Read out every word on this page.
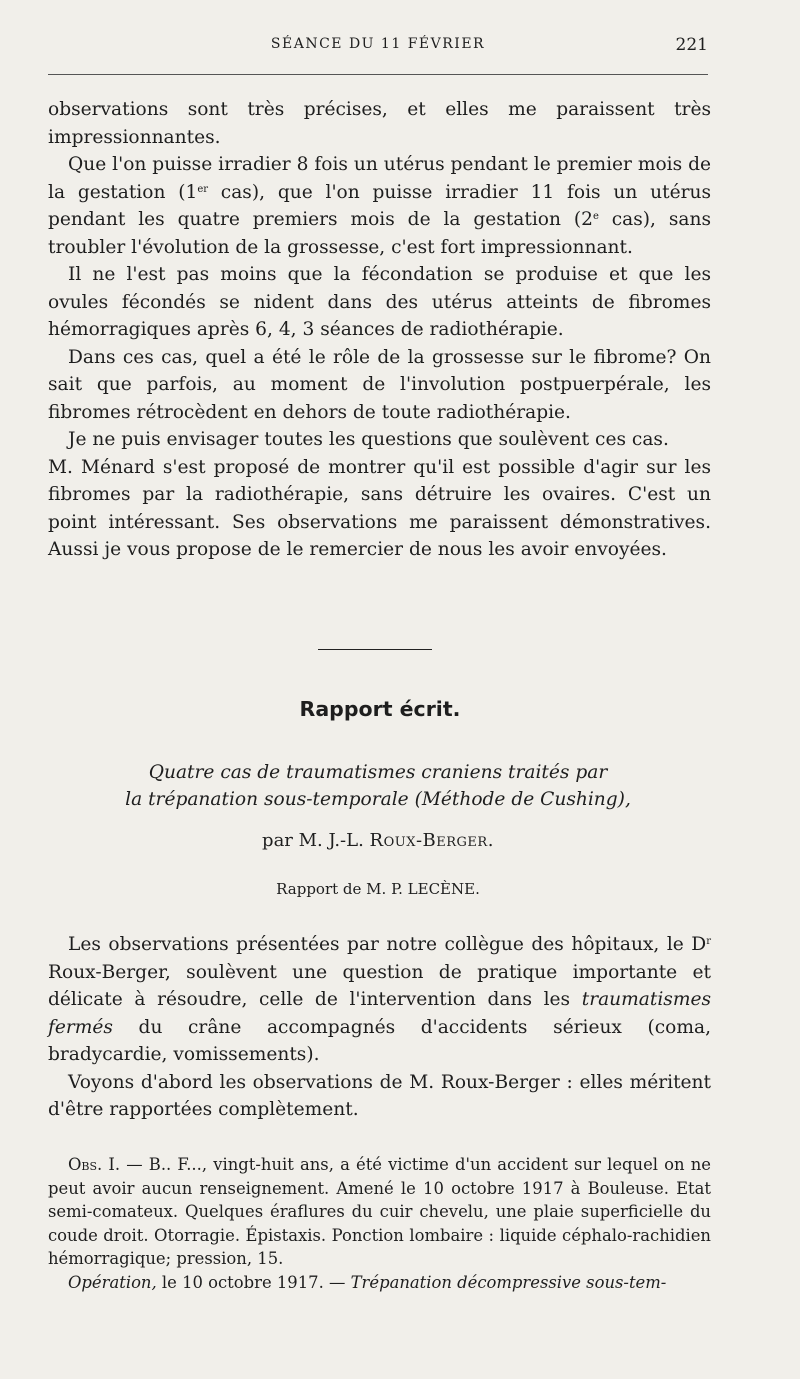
SÉANCE DU 11 FÉVRIER	221

observations sont très précises, et elles me paraissent très impressionnantes.

Que l'on puisse irradier 8 fois un utérus pendant le premier mois de la gestation (1er cas), que l'on puisse irradier 11 fois un utérus pendant les quatre premiers mois de la gestation (2e cas), sans troubler l'évolution de la grossesse, c'est fort impressionnant.

Il ne l'est pas moins que la fécondation se produise et que les ovules fécondés se nident dans des utérus atteints de fibromes hémorragiques après 6, 4, 3 séances de radiothérapie.

Dans ces cas, quel a été le rôle de la grossesse sur le fibrome? On sait que parfois, au moment de l'involution postpuerpérale, les fibromes rétrocèdent en dehors de toute radiothérapie.

Je ne puis envisager toutes les questions que soulèvent ces cas.

M. Ménard s'est proposé de montrer qu'il est possible d'agir sur les fibromes par la radiothérapie, sans détruire les ovaires. C'est un point intéressant. Ses observations me paraissent démonstratives. Aussi je vous propose de le remercier de nous les avoir envoyées.

Rapport écrit.
Quatre cas de traumatismes craniens traités par
la trépanation sous-temporale (Méthode de Cushing),
par M. J.-L. Roux-Berger.
Rapport de M. P. LECÈNE.

Les observations présentées par notre collègue des hôpitaux, le $D^r$ Roux-Berger, soulèvent une question de pratique importante et délicate à résoudre, celle de l'intervention dans les traumatismes fermés du crâne accompagnés d'accidents sérieux (coma, bradycardie, vomissements).

Voyons d'abord les observations de M. Roux-Berger : elles méritent d'être rapportées complètement.

Obs. I. — B.. F..., vingt-huit ans, a été victime d'un accident sur lequel on ne peut avoir aucun renseignement. Amené le 10 octobre 1917 à Bouleuse. Etat semi-comateux. Quelques éraflures du cuir chevelu, une plaie superficielle du coude droit. Otorragie. Épistaxis. Ponction lombaire : liquide céphalo-rachidien hémorragique; pression, 15.

Opération, le 10 octobre 1917. — Trépanation décompressive sous-tem-
